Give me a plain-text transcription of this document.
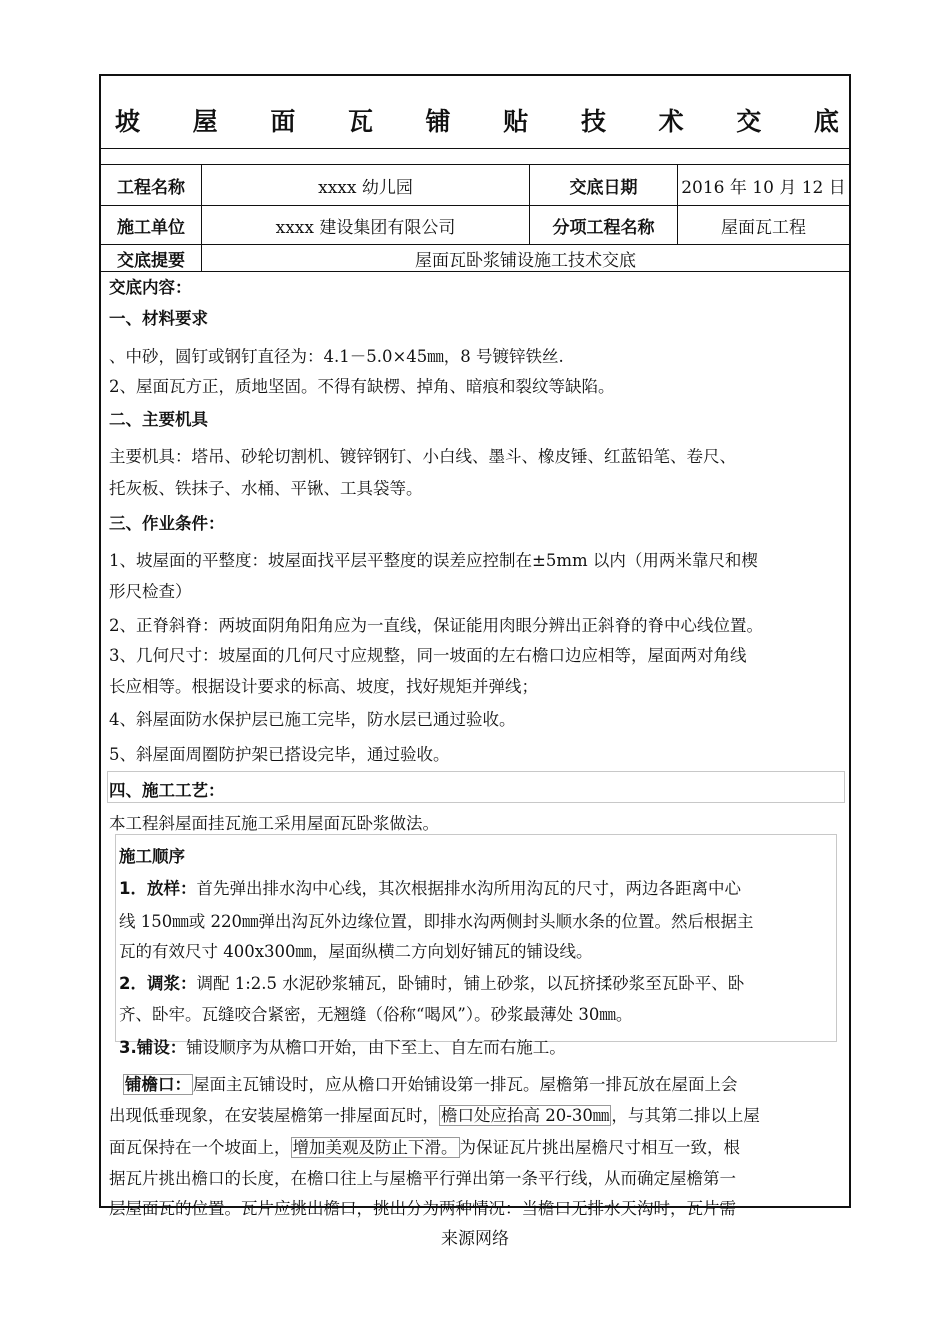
坡 屋 面 瓦 铺 贴 技 术 交 底
工程名称	xxxx 幼儿园	交底日期	2016 年 10 月 12 日
施工单位	xxxx 建设集团有限公司	分项工程名称	屋面瓦工程
交底提要	屋面瓦卧浆铺设施工技术交底
交底内容：
一、材料要求
、中砂，圆钉或钢钉直径为：4.1－5.0×45㎜，8 号镀锌铁丝.
2、屋面瓦方正，质地坚固。不得有缺楞、掉角、暗痕和裂纹等缺陷。
二、主要机具
主要机具：塔吊、砂轮切割机、镀锌钢钉、小白线、墨斗、橡皮锤、红蓝铅笔、卷尺、
托灰板、铁抹子、水桶、平锹、工具袋等。
三、作业条件：
1、坡屋面的平整度：坡屋面找平层平整度的误差应控制在±5mm 以内（用两米靠尺和楔
形尺检查）
2、正脊斜脊：两坡面阴角阳角应为一直线，保证能用肉眼分辨出正斜脊的脊中心线位置。
3、几何尺寸：坡屋面的几何尺寸应规整，同一坡面的左右檐口边应相等，屋面两对角线
长应相等。根据设计要求的标高、坡度，找好规矩并弹线；
4、斜屋面防水保护层已施工完毕，防水层已通过验收。
5、斜屋面周圈防护架已搭设完毕，通过验收。
四、施工工艺：
本工程斜屋面挂瓦施工采用屋面瓦卧浆做法。
施工顺序
1．放样：首先弹出排水沟中心线，其次根据排水沟所用沟瓦的尺寸，两边各距离中心
线 150㎜或 220㎜弹出沟瓦外边缘位置，即排水沟两侧封头顺水条的位置。然后根据主
瓦的有效尺寸 400x300㎜，屋面纵横二方向划好铺瓦的铺设线。
2．调浆：调配 1:2.5 水泥砂浆辅瓦，卧铺时，铺上砂浆，以瓦挤揉砂浆至瓦卧平、卧
齐、卧牢。瓦缝咬合紧密，无翘缝（俗称“喝风”）。砂浆最薄处 30㎜。
3.铺设：铺设顺序为从檐口开始，由下至上、自左而右施工。
铺檐口： 屋面主瓦铺设时，应从檐口开始铺设第一排瓦。屋檐第一排瓦放在屋面上会
出现低垂现象，在安装屋檐第一排屋面瓦时， 檐口处应抬高 20-30㎜ ，与其第二排以上屋
面瓦保持在一个坡面上， 增加美观及防止下滑。 为保证瓦片挑出屋檐尺寸相互一致，根
据瓦片挑出檐口的长度，在檐口往上与屋檐平行弹出第一条平行线，从而确定屋檐第一
层屋面瓦的位置。瓦片应挑出檐口，挑出分为两种情况：当檐口无排水天沟时，瓦片需
来源网络
